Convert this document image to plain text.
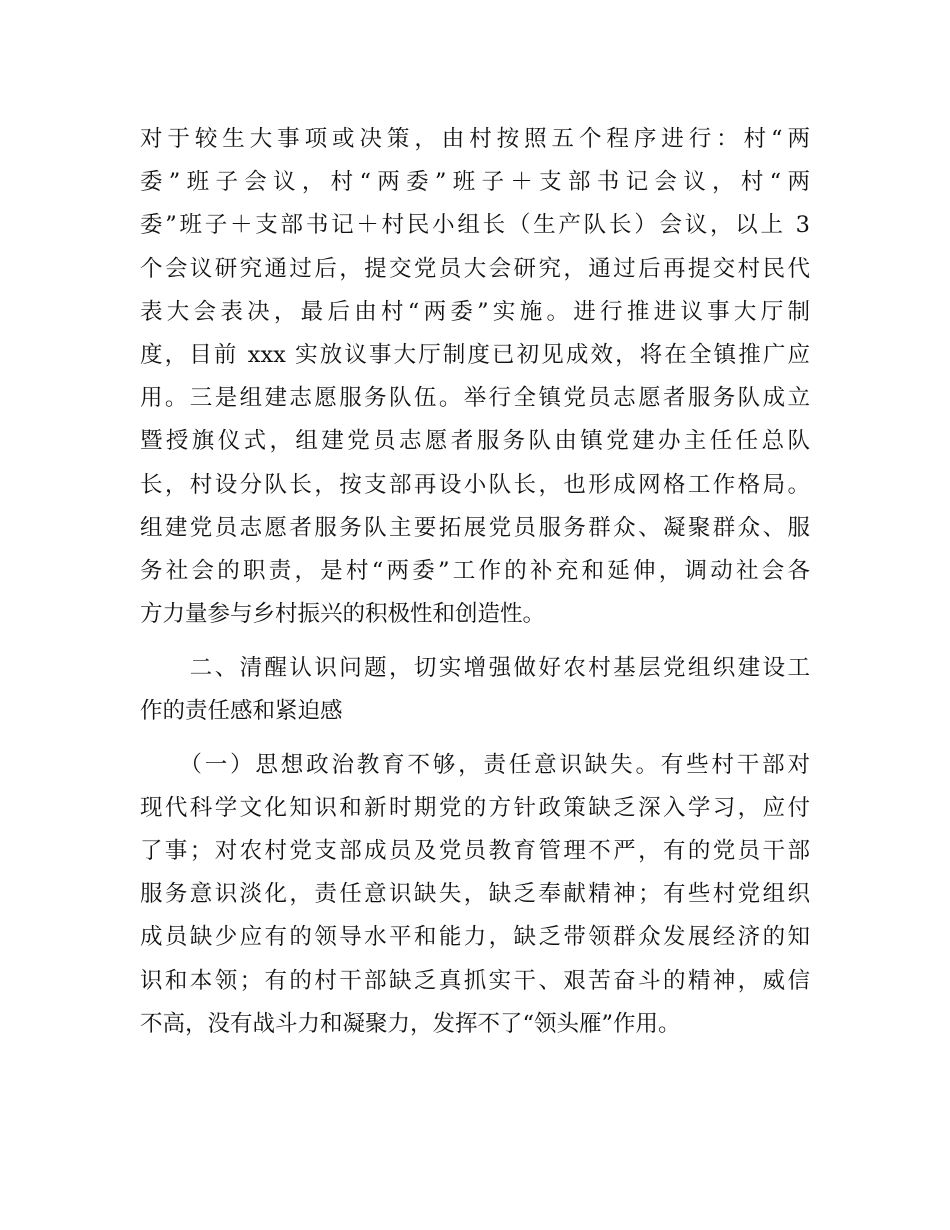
对于较生大事项或决策，由村按照五个程序进行：村“两
委”班子会议，村“两委”班子＋支部书记会议，村“两
委”班子＋支部书记＋村民小组长（生产队长）会议，以上 3
个会议研究通过后，提交党员大会研究，通过后再提交村民代
表大会表决，最后由村“两委”实施。进行推进议事大厅制
度，目前 xxx 实放议事大厅制度已初见成效，将在全镇推广应
用。三是组建志愿服务队伍。举行全镇党员志愿者服务队成立
暨授旗仪式，组建党员志愿者服务队由镇党建办主任任总队
长，村设分队长，按支部再设小队长，也形成网格工作格局。
组建党员志愿者服务队主要拓展党员服务群众、凝聚群众、服
务社会的职责，是村“两委”工作的补充和延伸，调动社会各
方力量参与乡村振兴的积极性和创造性。
　　二、清醒认识问题，切实增强做好农村基层党组织建设工
作的责任感和紧迫感
　　（一）思想政治教育不够，责任意识缺失。有些村干部对
现代科学文化知识和新时期党的方针政策缺乏深入学习，应付
了事；对农村党支部成员及党员教育管理不严，有的党员干部
服务意识淡化，责任意识缺失，缺乏奉献精神；有些村党组织
成员缺少应有的领导水平和能力，缺乏带领群众发展经济的知
识和本领；有的村干部缺乏真抓实干、艰苦奋斗的精神，威信
不高，没有战斗力和凝聚力，发挥不了“领头雁”作用。
